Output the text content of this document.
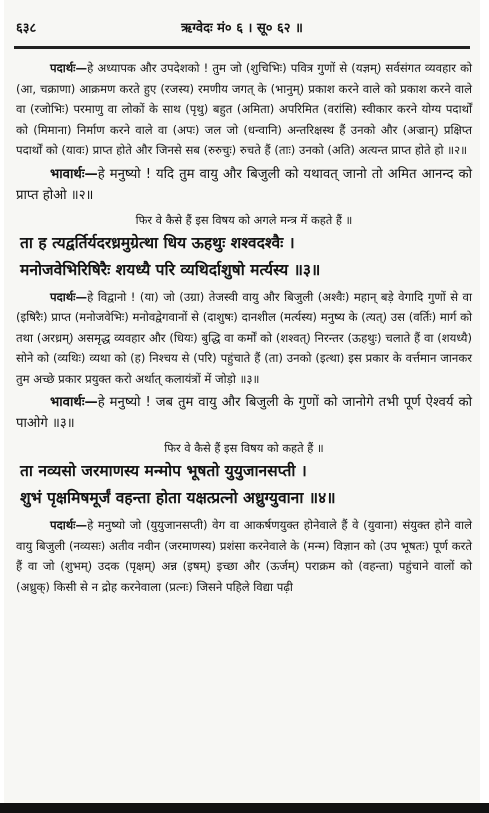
६३८	ऋग्वेदः मं० ६ । सू० ६२ ॥

पदार्थः—हे अध्यापक और उपदेशको ! तुम जो (शुचिभिः) पवित्र गुणों से (यज्ञम्) सर्वसंगत व्यवहार को (आ, चक्राणा) आक्रमण करते हुए (रजस्य) रमणीय जगत् के (भानुम्) प्रकाश करने वाले को प्रकाश करने वाले वा (रजोभिः) परमाणु वा लोकों के साथ (पृथु) बहुत (अमिता) अपरिमित (वरांसि) स्वीकार करने योग्य पदार्थों को (मिमाना) निर्माण करने वाले वा (अपः) जल जो (धन्वानि) अन्तरिक्षस्थ हैं उनको और (अज्रान्) प्रक्षिप्त पदार्थों को (यावः) प्राप्त होते और जिनसे सब (रुरुचुः) रुचते हैं (ताः) उनको (अति) अत्यन्त प्राप्त होते हो ॥२॥

भावार्थः—हे मनुष्यो ! यदि तुम वायु और बिजुली को यथावत् जानो तो अमित आनन्द को प्राप्त होओ ॥२॥

फिर वे कैसे हैं इस विषय को अगले मन्त्र में कहते हैं ॥

ता ह त्यद्वर्तिर्यदरध्रमुग्रेत्था धिय ऊहथुः शश्वदश्वैः ।

मनोजवेभिरिषिरैः शयध्यै परि व्यथिर्दाशुषो मर्त्यस्य ॥३॥

पदार्थः—हे विद्वानो ! (या) जो (उग्रा) तेजस्वी वायु और बिजुली (अश्वैः) महान् बड़े वेगादि गुणों से वा (इषिरैः) प्राप्त (मनोजवेभिः) मनोवद्वेगवानों से (दाशुषः) दानशील (मर्त्यस्य) मनुष्य के (त्यत्) उस (वर्तिः) मार्ग को तथा (अरध्रम्) असमृद्ध व्यवहार और (धियः) बुद्धि वा कर्मों को (शश्वत्) निरन्तर (ऊहथुः) चलाते हैं वा (शयध्यै) सोने को (व्यथिः) व्यथा को (ह) निश्चय से (परि) पहुंचाते हैं (ता) उनको (इत्था) इस प्रकार के वर्त्तमान जानकर तुम अच्छे प्रकार प्रयुक्त करो अर्थात् कलायंत्रों में जोड़ो ॥३॥

भावार्थः—हे मनुष्यो ! जब तुम वायु और बिजुली के गुणों को जानोगे तभी पूर्ण ऐश्वर्य को पाओगे ॥३॥

फिर वे कैसे हैं इस विषय को कहते हैं ॥

ता नव्यसो जरमाणस्य मन्मोप भूषतो युयुजानसप्ती ।

शुभं पृक्षमिषमूर्जं वहन्ता होता यक्षत्प्रत्नो अध्रुग्युवाना ॥४॥

पदार्थः—हे मनुष्यो जो (युयुजानसप्ती) वेग वा आकर्षणयुक्त होनेवाले हैं वे (युवाना) संयुक्त होने वाले वायु बिजुली (नव्यसः) अतीव नवीन (जरमाणस्य) प्रशंसा करनेवाले के (मन्म) विज्ञान को (उप भूषतः) पूर्ण करते हैं वा जो (शुभम्) उदक (पृक्षम्) अन्न (इषम्) इच्छा और (ऊर्जम्) पराक्रम को (वहन्ता) पहुंचाने वालों को (अध्रुक्) किसी से न द्रोह करनेवाला (प्रत्नः) जिसने पहिले विद्या पढ़ी
